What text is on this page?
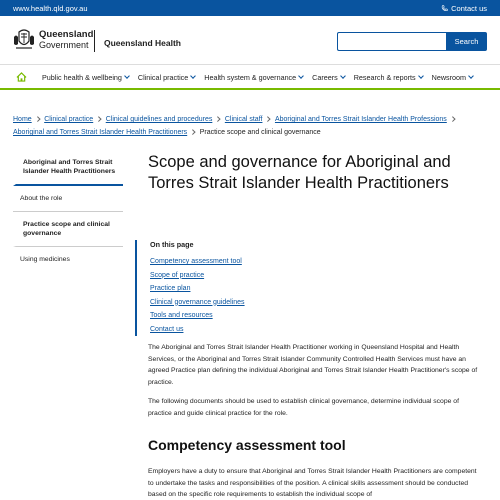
www.health.qld.gov.au	Contact us
Queensland
Government	Queensland Health	Search
Public health & wellbeing Clinical practice Health system & governance Careers Research & reports Newsroom
Home Clinical practice Clinical guidelines and procedures Clinical staff Aboriginal and Torres Strait Islander Health Professions
Aboriginal and Torres Strait Islander Health Practitioners Practice scope and clinical governance
Aboriginal and Torres Strait Islander Health Practitioners
About the role
Practice scope and clinical governance
Using medicines
Scope and governance for Aboriginal and Torres Strait Islander Health Practitioners
On this page
Competency assessment tool
Scope of practice
Practice plan
Clinical governance guidelines
Tools and resources
Contact us

The Aboriginal and Torres Strait Islander Health Practitioner working in Queensland Hospital and Health Services, or the Aboriginal and Torres Strait Islander Community Controlled Health Services must have an agreed Practice plan defining the individual Aboriginal and Torres Strait Islander Health Practitioner's scope of practice.

The following documents should be used to establish clinical governance, determine individual scope of practice and guide clinical practice for the role.

Competency assessment tool

Employers have a duty to ensure that Aboriginal and Torres Strait Islander Health Practitioners are competent to undertake the tasks and responsibilities of the position. A clinical skills assessment should be conducted based on the specific role requirements to establish the individual scope of
